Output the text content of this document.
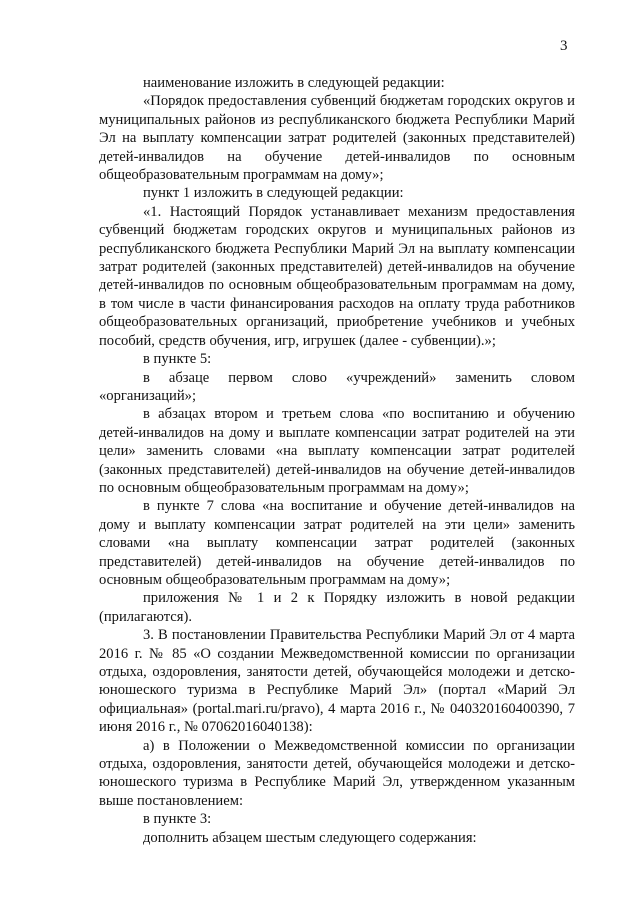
3

наименование изложить в следующей редакции:

«Порядок предоставления субвенций бюджетам городских округов и муниципальных районов из республиканского бюджета Республики Марий Эл на выплату компенсации затрат родителей (законных представителей) детей-инвалидов на обучение детей-инвалидов по основным общеобразовательным программам на дому»;

пункт 1 изложить в следующей редакции:

«1. Настоящий Порядок устанавливает механизм предоставления субвенций бюджетам городских округов и муниципальных районов из республиканского бюджета Республики Марий Эл на выплату компенсации затрат родителей (законных представителей) детей-инвалидов на обучение детей-инвалидов по основным общеобразовательным программам на дому, в том числе в части финансирования расходов на оплату труда работников общеобразовательных организаций, приобретение учебников и учебных пособий, средств обучения, игр, игрушек (далее - субвенции).»;

в пункте 5:

в абзаце первом слово «учреждений» заменить словом «организаций»;

в абзацах втором и третьем слова «по воспитанию и обучению детей-инвалидов на дому и выплате компенсации затрат родителей на эти цели» заменить словами «на выплату компенсации затрат родителей (законных представителей) детей-инвалидов на обучение детей-инвалидов по основным общеобразовательным программам на дому»;

в пункте 7 слова «на воспитание и обучение детей-инвалидов на дому и выплату компенсации затрат родителей на эти цели» заменить словами «на выплату компенсации затрат родителей (законных представителей) детей-инвалидов на обучение детей-инвалидов по основным общеобразовательным программам на дому»;

приложения № 1 и 2 к Порядку изложить в новой редакции (прилагаются).

3. В постановлении Правительства Республики Марий Эл от 4 марта 2016 г. № 85 «О создании Межведомственной комиссии по организации отдыха, оздоровления, занятости детей, обучающейся молодежи и детско-юношеского туризма в Республике Марий Эл» (портал «Марий Эл официальная» (portal.mari.ru/pravo), 4 марта 2016 г., № 040320160400390, 7 июня 2016 г., № 07062016040138):

а) в Положении о Межведомственной комиссии по организации отдыха, оздоровления, занятости детей, обучающейся молодежи и детско-юношеского туризма в Республике Марий Эл, утвержденном указанным выше постановлением:

в пункте 3:

дополнить абзацем шестым следующего содержания:
